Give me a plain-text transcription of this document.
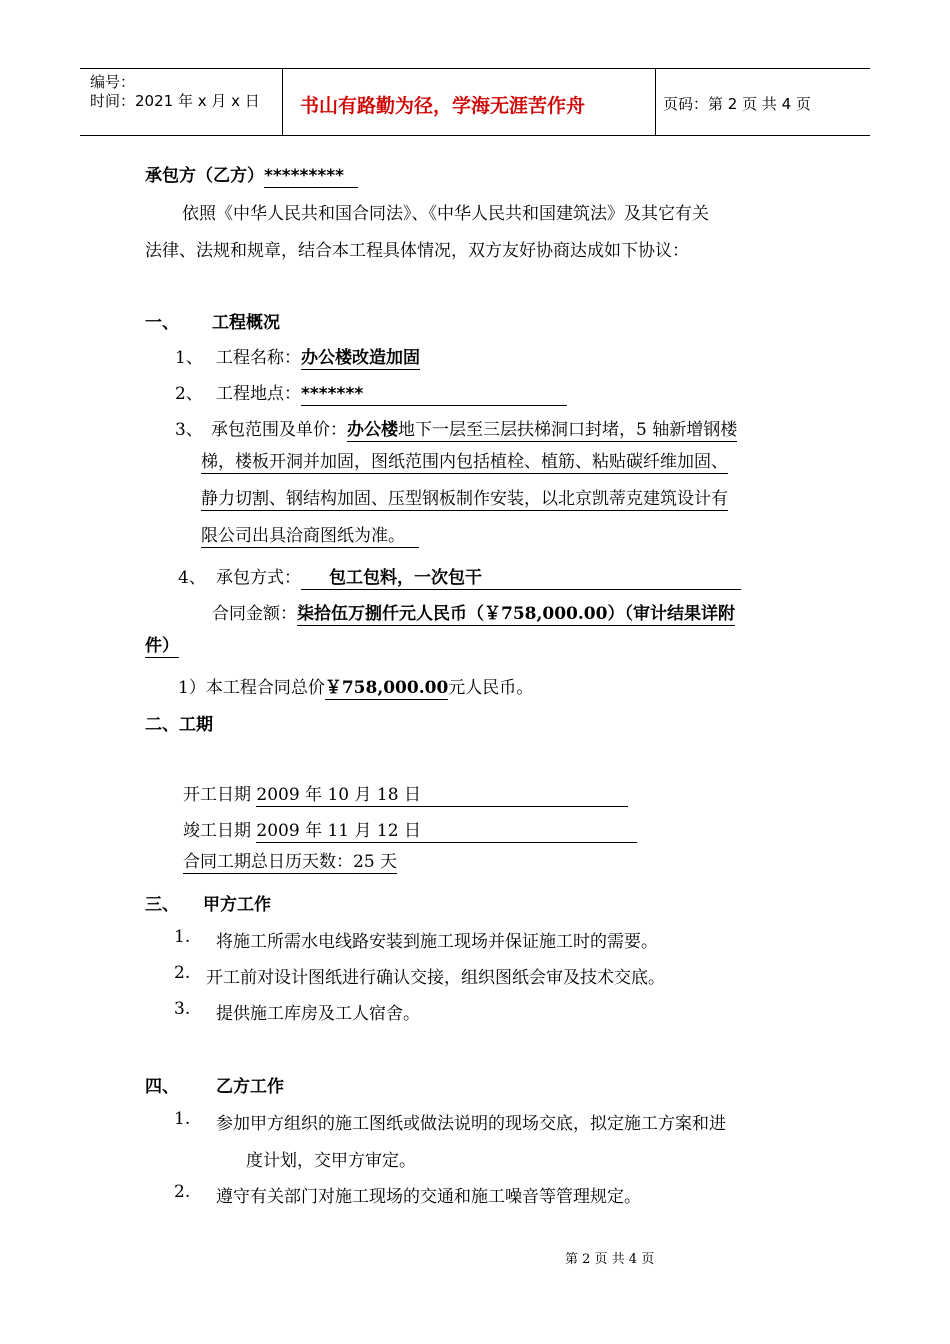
编号：
时间：2021 年 x 月 x 日 书山有路勤为径，学海无涯苦作舟	页码：第 2 页 共 4 页
承包方（乙方）*********
依照《中华人民共和国合同法》、《中华人民共和国建筑法》及其它有关
法律、法规和规章，结合本工程具体情况，双方友好协商达成如下协议：
一、 工程概况
1、 工程名称：办公楼改造加固
2、 工程地点：*******
3、 承包范围及单价：办公楼地下一层至三层扶梯洞口封堵，5 轴新增钢楼
梯，楼板开洞并加固，图纸范围内包括植栓、植筋、粘贴碳纤维加固、
静力切割、钢结构加固、压型钢板制作安装，以北京凯蒂克建筑设计有
限公司出具洽商图纸为准。
4、 承包方式： 包工包料，一次包干
合同金额：柒拾伍万捌仟元人民币（￥758,000.00）（审计结果详附
件）
1）本工程合同总价￥758,000.00元人民币。
二、工期
开工日期 2009 年 10 月 18 日
竣工日期 2009 年 11 月 12 日
合同工期总日历天数：25 天
三、 甲方工作
1. 将施工所需水电线路安装到施工现场并保证施工时的需要。
2. 开工前对设计图纸进行确认交接，组织图纸会审及技术交底。
3. 提供施工库房及工人宿舍。
四、 乙方工作
1. 参加甲方组织的施工图纸或做法说明的现场交底，拟定施工方案和进
度计划，交甲方审定。
2. 遵守有关部门对施工现场的交通和施工噪音等管理规定。
第 2 页 共 4 页
